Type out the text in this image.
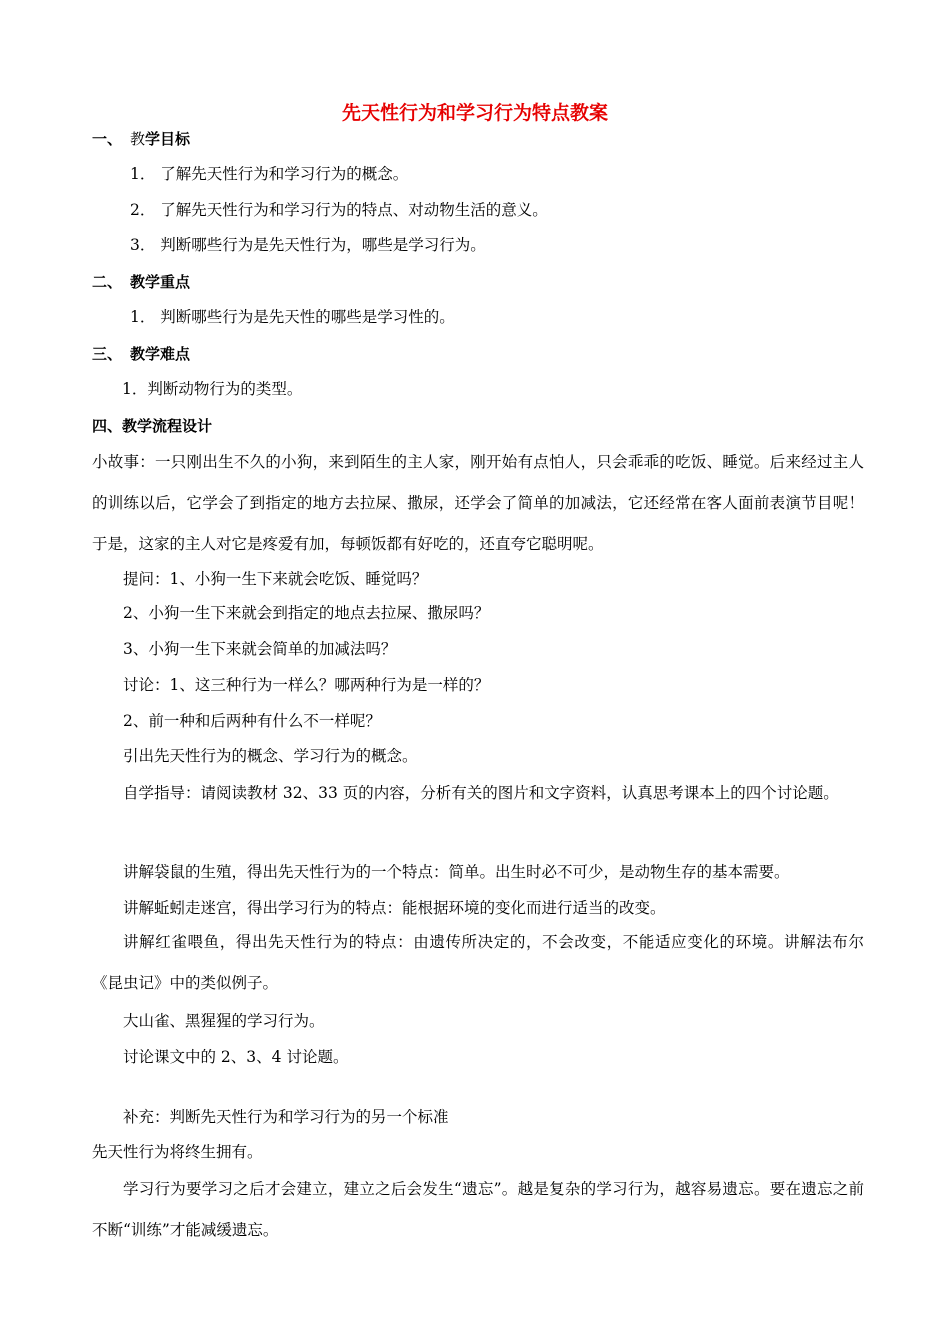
先天性行为和学习行为特点教案
一、 教学目标
1． 了解先天性行为和学习行为的概念。
2． 了解先天性行为和学习行为的特点、对动物生活的意义。
3． 判断哪些行为是先天性行为，哪些是学习行为。
二、 教学重点
1． 判断哪些行为是先天性的哪些是学习性的。
三、 教学难点
1．判断动物行为的类型。
四、教学流程设计

小故事：一只刚出生不久的小狗，来到陌生的主人家，刚开始有点怕人，只会乖乖的吃饭、睡觉。后来经过主人的训练以后，它学会了到指定的地方去拉屎、撒尿，还学会了简单的加减法，它还经常在客人面前表演节目呢！于是，这家的主人对它是疼爱有加，每顿饭都有好吃的，还直夸它聪明呢。

提问：1、小狗一生下来就会吃饭、睡觉吗？
2、小狗一生下来就会到指定的地点去拉屎、撒尿吗？
3、小狗一生下来就会简单的加减法吗？
讨论：1、这三种行为一样么？哪两种行为是一样的？
2、前一种和后两种有什么不一样呢？
引出先天性行为的概念、学习行为的概念。

自学指导：请阅读教材 32、33 页的内容，分析有关的图片和文字资料，认真思考课本上的四个讨论题。

讲解袋鼠的生殖，得出先天性行为的一个特点：简单。出生时必不可少，是动物生存的基本需要。
讲解蚯蚓走迷宫，得出学习行为的特点：能根据环境的变化而进行适当的改变。

讲解红雀喂鱼，得出先天性行为的特点：由遗传所决定的，不会改变，不能适应变化的环境。讲解法布尔《昆虫记》中的类似例子。

大山雀、黑猩猩的学习行为。
讨论课文中的 2、3、4 讨论题。
补充：判断先天性行为和学习行为的另一个标准
先天性行为将终生拥有。

学习行为要学习之后才会建立，建立之后会发生“遗忘”。越是复杂的学习行为，越容易遗忘。要在遗忘之前不断“训练”才能减缓遗忘。
